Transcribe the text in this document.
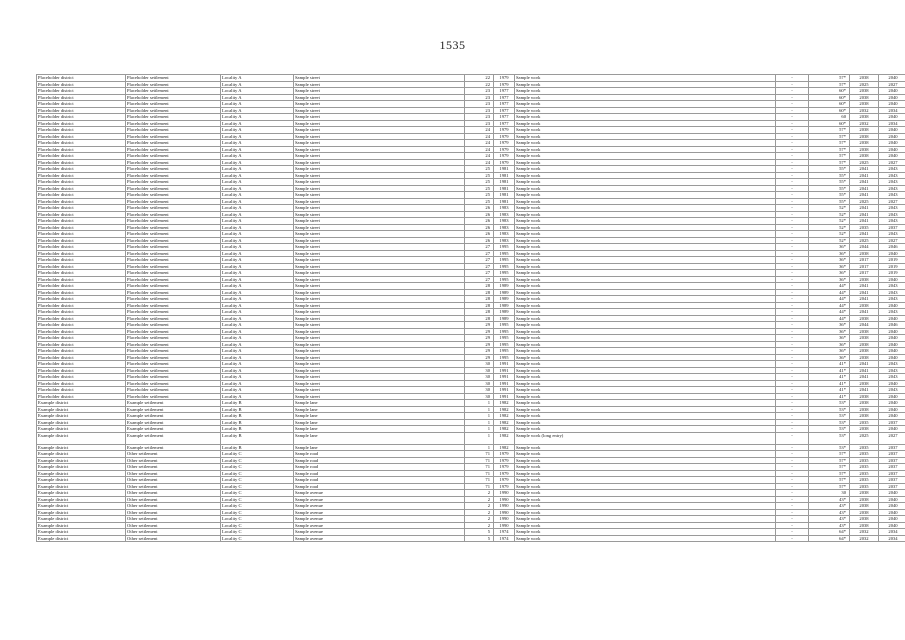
1535
Placeholder district	Placeholder settlement	Locality A	Sample street	22	1979	Sample work	-	57*	2038	2040
Placeholder district	Placeholder settlement	Locality A	Sample street	22	1979	Sample work	-	57*	2025	2027
Placeholder district	Placeholder settlement	Locality A	Sample street	23	1977	Sample work	-	60*	2038	2040
Placeholder district	Placeholder settlement	Locality A	Sample street	23	1977	Sample work	-	60*	2038	2040
Placeholder district	Placeholder settlement	Locality A	Sample street	23	1977	Sample work	-	60*	2038	2040
Placeholder district	Placeholder settlement	Locality A	Sample street	23	1977	Sample work	-	60*	2032	2034
Placeholder district	Placeholder settlement	Locality A	Sample street	23	1977	Sample work	-	60	2038	2040
Placeholder district	Placeholder settlement	Locality A	Sample street	23	1977	Sample work	-	60*	2032	2034
Placeholder district	Placeholder settlement	Locality A	Sample street	24	1979	Sample work	-	57*	2038	2040
Placeholder district	Placeholder settlement	Locality A	Sample street	24	1979	Sample work	-	57*	2038	2040
Placeholder district	Placeholder settlement	Locality A	Sample street	24	1979	Sample work	-	57*	2038	2040
Placeholder district	Placeholder settlement	Locality A	Sample street	24	1979	Sample work	-	57*	2038	2040
Placeholder district	Placeholder settlement	Locality A	Sample street	24	1979	Sample work	-	57*	2038	2040
Placeholder district	Placeholder settlement	Locality A	Sample street	24	1979	Sample work	-	57*	2025	2027
Placeholder district	Placeholder settlement	Locality A	Sample street	25	1981	Sample work	-	55*	2041	2043
Placeholder district	Placeholder settlement	Locality A	Sample street	25	1981	Sample work	-	55*	2041	2043
Placeholder district	Placeholder settlement	Locality A	Sample street	25	1981	Sample work	-	55*	2041	2043
Placeholder district	Placeholder settlement	Locality A	Sample street	25	1981	Sample work	-	55*	2041	2043
Placeholder district	Placeholder settlement	Locality A	Sample street	25	1981	Sample work	-	55*	2041	2043
Placeholder district	Placeholder settlement	Locality A	Sample street	25	1981	Sample work	-	55*	2025	2027
Placeholder district	Placeholder settlement	Locality A	Sample street	26	1983	Sample work	-	52*	2041	2043
Placeholder district	Placeholder settlement	Locality A	Sample street	26	1983	Sample work	-	52*	2041	2043
Placeholder district	Placeholder settlement	Locality A	Sample street	26	1983	Sample work	-	52*	2041	2043
Placeholder district	Placeholder settlement	Locality A	Sample street	26	1983	Sample work	-	52*	2035	2037
Placeholder district	Placeholder settlement	Locality A	Sample street	26	1983	Sample work	-	52*	2041	2043
Placeholder district	Placeholder settlement	Locality A	Sample street	26	1983	Sample work	-	52*	2025	2027
Placeholder district	Placeholder settlement	Locality A	Sample street	27	1995	Sample work	-	36*	2044	2046
Placeholder district	Placeholder settlement	Locality A	Sample street	27	1995	Sample work	-	36*	2038	2040
Placeholder district	Placeholder settlement	Locality A	Sample street	27	1995	Sample work	-	36*	2017	2019
Placeholder district	Placeholder settlement	Locality A	Sample street	27	1995	Sample work	-	36*	2017	2019
Placeholder district	Placeholder settlement	Locality A	Sample street	27	1995	Sample work	-	36*	2017	2019
Placeholder district	Placeholder settlement	Locality A	Sample street	27	1995	Sample work	-	36*	2038	2040
Placeholder district	Placeholder settlement	Locality A	Sample street	28	1989	Sample work	-	44*	2041	2043
Placeholder district	Placeholder settlement	Locality A	Sample street	28	1989	Sample work	-	44*	2041	2043
Placeholder district	Placeholder settlement	Locality A	Sample street	28	1989	Sample work	-	44*	2041	2043
Placeholder district	Placeholder settlement	Locality A	Sample street	28	1989	Sample work	-	44*	2038	2040
Placeholder district	Placeholder settlement	Locality A	Sample street	28	1989	Sample work	-	44*	2041	2043
Placeholder district	Placeholder settlement	Locality A	Sample street	28	1989	Sample work	-	44*	2038	2040
Placeholder district	Placeholder settlement	Locality A	Sample street	29	1995	Sample work	-	36*	2044	2046
Placeholder district	Placeholder settlement	Locality A	Sample street	29	1995	Sample work	-	36*	2038	2040
Placeholder district	Placeholder settlement	Locality A	Sample street	29	1995	Sample work	-	36*	2038	2040
Placeholder district	Placeholder settlement	Locality A	Sample street	29	1995	Sample work	-	36*	2038	2040
Placeholder district	Placeholder settlement	Locality A	Sample street	29	1995	Sample work	-	36*	2038	2040
Placeholder district	Placeholder settlement	Locality A	Sample street	29	1995	Sample work	-	36*	2038	2040
Placeholder district	Placeholder settlement	Locality A	Sample street	30	1991	Sample work	-	41*	2041	2043
Placeholder district	Placeholder settlement	Locality A	Sample street	30	1991	Sample work	-	41*	2041	2043
Placeholder district	Placeholder settlement	Locality A	Sample street	30	1991	Sample work	-	41*	2041	2043
Placeholder district	Placeholder settlement	Locality A	Sample street	30	1991	Sample work	-	41*	2038	2040
Placeholder district	Placeholder settlement	Locality A	Sample street	30	1991	Sample work	-	41*	2041	2043
Placeholder district	Placeholder settlement	Locality A	Sample street	30	1991	Sample work	-	41*	2038	2040
Example district	Example settlement	Locality B	Sample lane	1	1982	Sample work	-	53*	2038	2040
Example district	Example settlement	Locality B	Sample lane	1	1982	Sample work	-	53*	2038	2040
Example district	Example settlement	Locality B	Sample lane	1	1982	Sample work	-	53*	2038	2040
Example district	Example settlement	Locality B	Sample lane	1	1982	Sample work	-	53*	2035	2037
Example district	Example settlement	Locality B	Sample lane	1	1982	Sample work	-	53*	2038	2040
Example district	Example settlement	Locality B	Sample lane	1	1982	Sample work (long entry)	-	53*	2025	2027
Example district	Example settlement	Locality B	Sample lane	1	1982	Sample work	-	53*	2035	2037
Example district	Other settlement	Locality C	Sample road	71	1979	Sample work	-	57*	2035	2037
Example district	Other settlement	Locality C	Sample road	71	1979	Sample work	-	57*	2035	2037
Example district	Other settlement	Locality C	Sample road	71	1979	Sample work	-	57*	2035	2037
Example district	Other settlement	Locality C	Sample road	71	1979	Sample work	-	57*	2035	2037
Example district	Other settlement	Locality C	Sample road	71	1979	Sample work	-	57*	2035	2037
Example district	Other settlement	Locality C	Sample road	71	1979	Sample work	-	57*	2035	2037
Example district	Other settlement	Locality C	Sample avenue	2	1990	Sample work	-	30	2038	2040
Example district	Other settlement	Locality C	Sample avenue	2	1990	Sample work	-	43*	2038	2040
Example district	Other settlement	Locality C	Sample avenue	2	1990	Sample work	-	43*	2038	2040
Example district	Other settlement	Locality C	Sample avenue	2	1990	Sample work	-	43*	2038	2040
Example district	Other settlement	Locality C	Sample avenue	2	1990	Sample work	-	43*	2038	2040
Example district	Other settlement	Locality C	Sample avenue	2	1990	Sample work	-	43*	2038	2040
Example district	Other settlement	Locality C	Sample avenue	5	1974	Sample work	-	64*	2032	2034
Example district	Other settlement	Locality C	Sample avenue	5	1974	Sample work	-	64*	2032	2034
